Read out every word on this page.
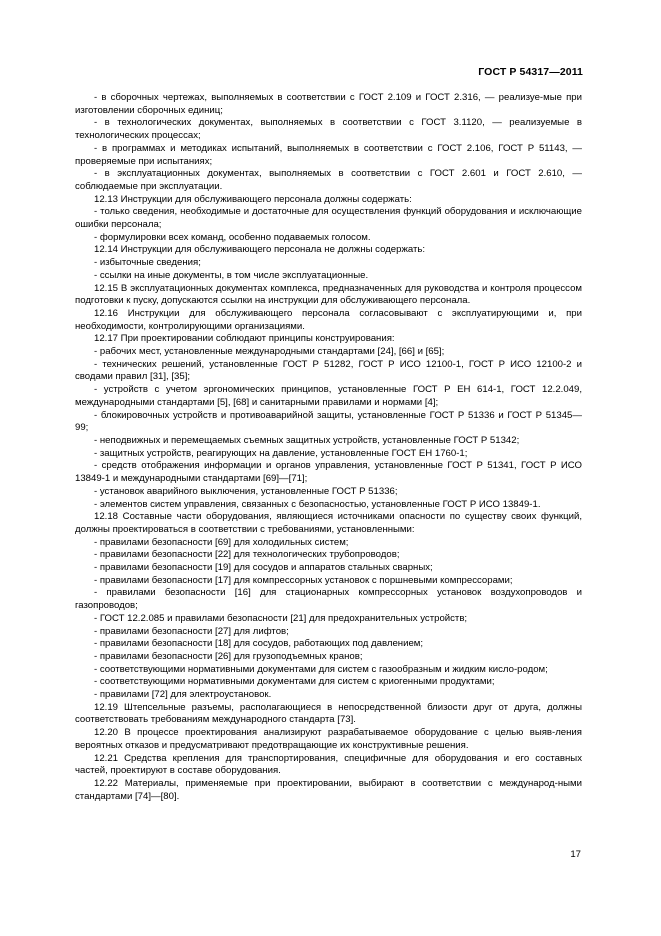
ГОСТ Р 54317—2011

- в сборочных чертежах, выполняемых в соответствии с ГОСТ 2.109 и ГОСТ 2.316, — реализуе-мые при изготовлении сборочных единиц;

- в технологических документах, выполняемых в соответствии с ГОСТ 3.1120, — реализуемые в технологических процессах;

- в программах и методиках испытаний, выполняемых в соответствии с ГОСТ 2.106, ГОСТ Р 51143, — проверяемые при испытаниях;

- в эксплуатационных документах, выполняемых в соответствии с ГОСТ 2.601 и ГОСТ 2.610, — соблюдаемые при эксплуатации.

12.13 Инструкции для обслуживающего персонала должны содержать:

- только сведения, необходимые и достаточные для осуществления функций оборудования и исключающие ошибки персонала;

- формулировки всех команд, особенно подаваемых голосом.

12.14 Инструкции для обслуживающего персонала не должны содержать:

- избыточные сведения;

- ссылки на иные документы, в том числе эксплуатационные.

12.15 В эксплуатационных документах комплекса, предназначенных для руководства и контроля процессом подготовки к пуску, допускаются ссылки на инструкции для обслуживающего персонала.

12.16 Инструкции для обслуживающего персонала согласовывают с эксплуатирующими и, при необходимости, контролирующими организациями.

12.17 При проектировании соблюдают принципы конструирования:

- рабочих мест, установленные международными стандартами [24], [66] и [65];

- технических решений, установленные ГОСТ Р 51282, ГОСТ Р ИСО 12100-1, ГОСТ Р ИСО 12100-2 и сводами правил [31], [35];

- устройств с учетом эргономических принципов, установленные ГОСТ Р ЕН 614-1, ГОСТ 12.2.049, международными стандартами [5], [68] и санитарными правилами и нормами [4];

- блокировочных устройств и противоаварийной защиты, установленные ГОСТ Р 51336 и ГОСТ Р 51345—99;

- неподвижных и перемещаемых съемных защитных устройств, установленные ГОСТ Р 51342;

- защитных устройств, реагирующих на давление, установленные ГОСТ ЕН 1760-1;

- средств отображения информации и органов управления, установленные ГОСТ Р 51341, ГОСТ Р ИСО 13849-1 и международными стандартами [69]—[71];

- установок аварийного выключения, установленные ГОСТ Р 51336;

- элементов систем управления, связанных с безопасностью, установленные ГОСТ Р ИСО 13849-1.

12.18 Составные части оборудования, являющиеся источниками опасности по существу своих функций, должны проектироваться в соответствии с требованиями, установленными:

- правилами безопасности [69] для холодильных систем;

- правилами безопасности [22] для технологических трубопроводов;

- правилами безопасности [19] для сосудов и аппаратов стальных сварных;

- правилами безопасности [17] для компрессорных установок с поршневыми компрессорами;

- правилами безопасности [16] для стационарных компрессорных установок воздухопроводов и газопроводов;

- ГОСТ 12.2.085 и правилами безопасности [21] для предохранительных устройств;

- правилами безопасности [27] для лифтов;

- правилами безопасности [18] для сосудов, работающих под давлением;

- правилами безопасности [26] для грузоподъемных кранов;

- соответствующими нормативными документами для систем с газообразным и жидким кисло-родом;

- соответствующими нормативными документами для систем с криогенными продуктами;

- правилами [72] для электроустановок.

12.19 Штепсельные разъемы, располагающиеся в непосредственной близости друг от друга, должны соответствовать требованиям международного стандарта [73].

12.20 В процессе проектирования анализируют разрабатываемое оборудование с целью выяв-ления вероятных отказов и предусматривают предотвращающие их конструктивные решения.

12.21 Средства крепления для транспортирования, специфичные для оборудования и его составных частей, проектируют в составе оборудования.

12.22 Материалы, применяемые при проектировании, выбирают в соответствии с международ-ными стандартами [74]—[80].

17
